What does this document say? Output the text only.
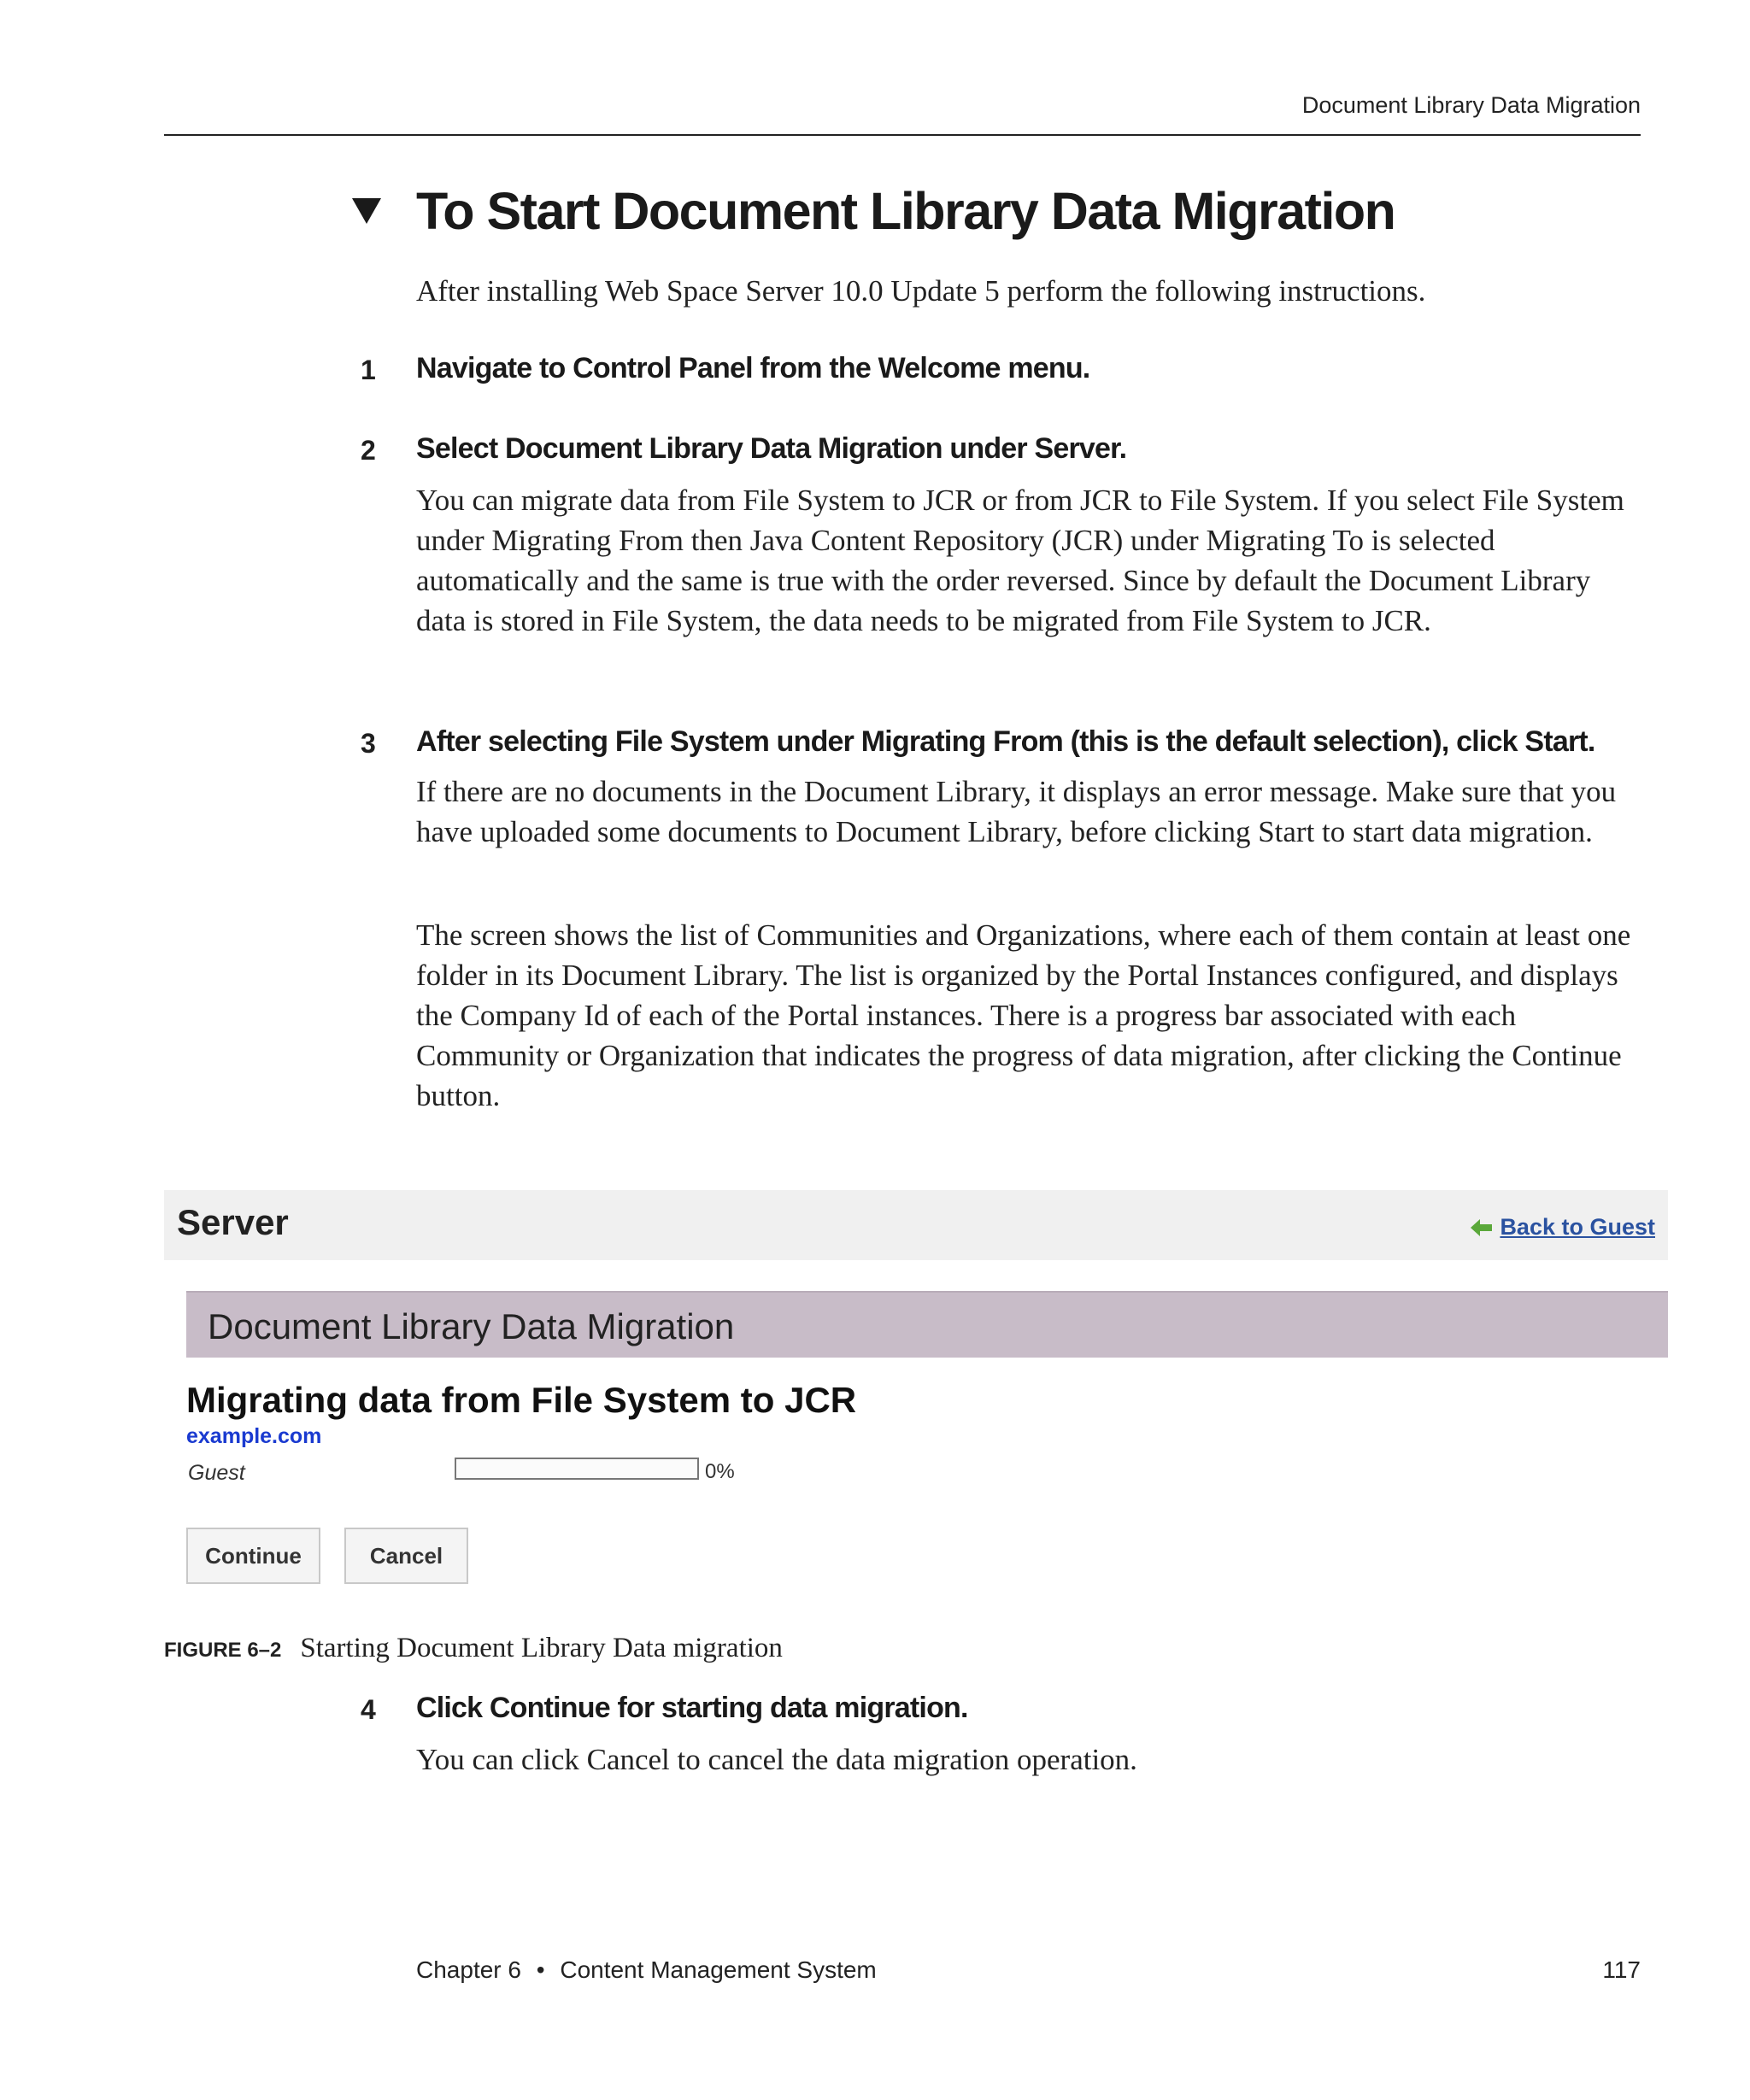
Document Library Data Migration
To Start Document Library Data Migration

After installing Web Space Server 10.0 Update 5 perform the following instructions.

1 Navigate to Control Panel from the Welcome menu.
2 Select Document Library Data Migration under Server.

You can migrate data from File System to JCR or from JCR to File System. If you select File System under Migrating From then Java Content Repository (JCR) under Migrating To is selected automatically and the same is true with the order reversed. Since by default the Document Library data is stored in File System, the data needs to be migrated from File System to JCR.

3 After selecting File System under Migrating From (this is the default selection), click Start.

If there are no documents in the Document Library, it displays an error message. Make sure that you have uploaded some documents to Document Library, before clicking Start to start data migration.

The screen shows the list of Communities and Organizations, where each of them contain at least one folder in its Document Library. The list is organized by the Portal Instances configured, and displays the Company Id of each of the Portal instances. There is a progress bar associated with each Community or Organization that indicates the progress of data migration, after clicking the Continue button.

Server	Back to Guest
Document Library Data Migration
Migrating data from File System to JCR
example.com
Guest	0%
Continue	Cancel
FIGURE 6–2 Starting Document Library Data migration
4 Click Continue for starting data migration.

You can click Cancel to cancel the data migration operation.

Chapter 6 • Content Management System	117
